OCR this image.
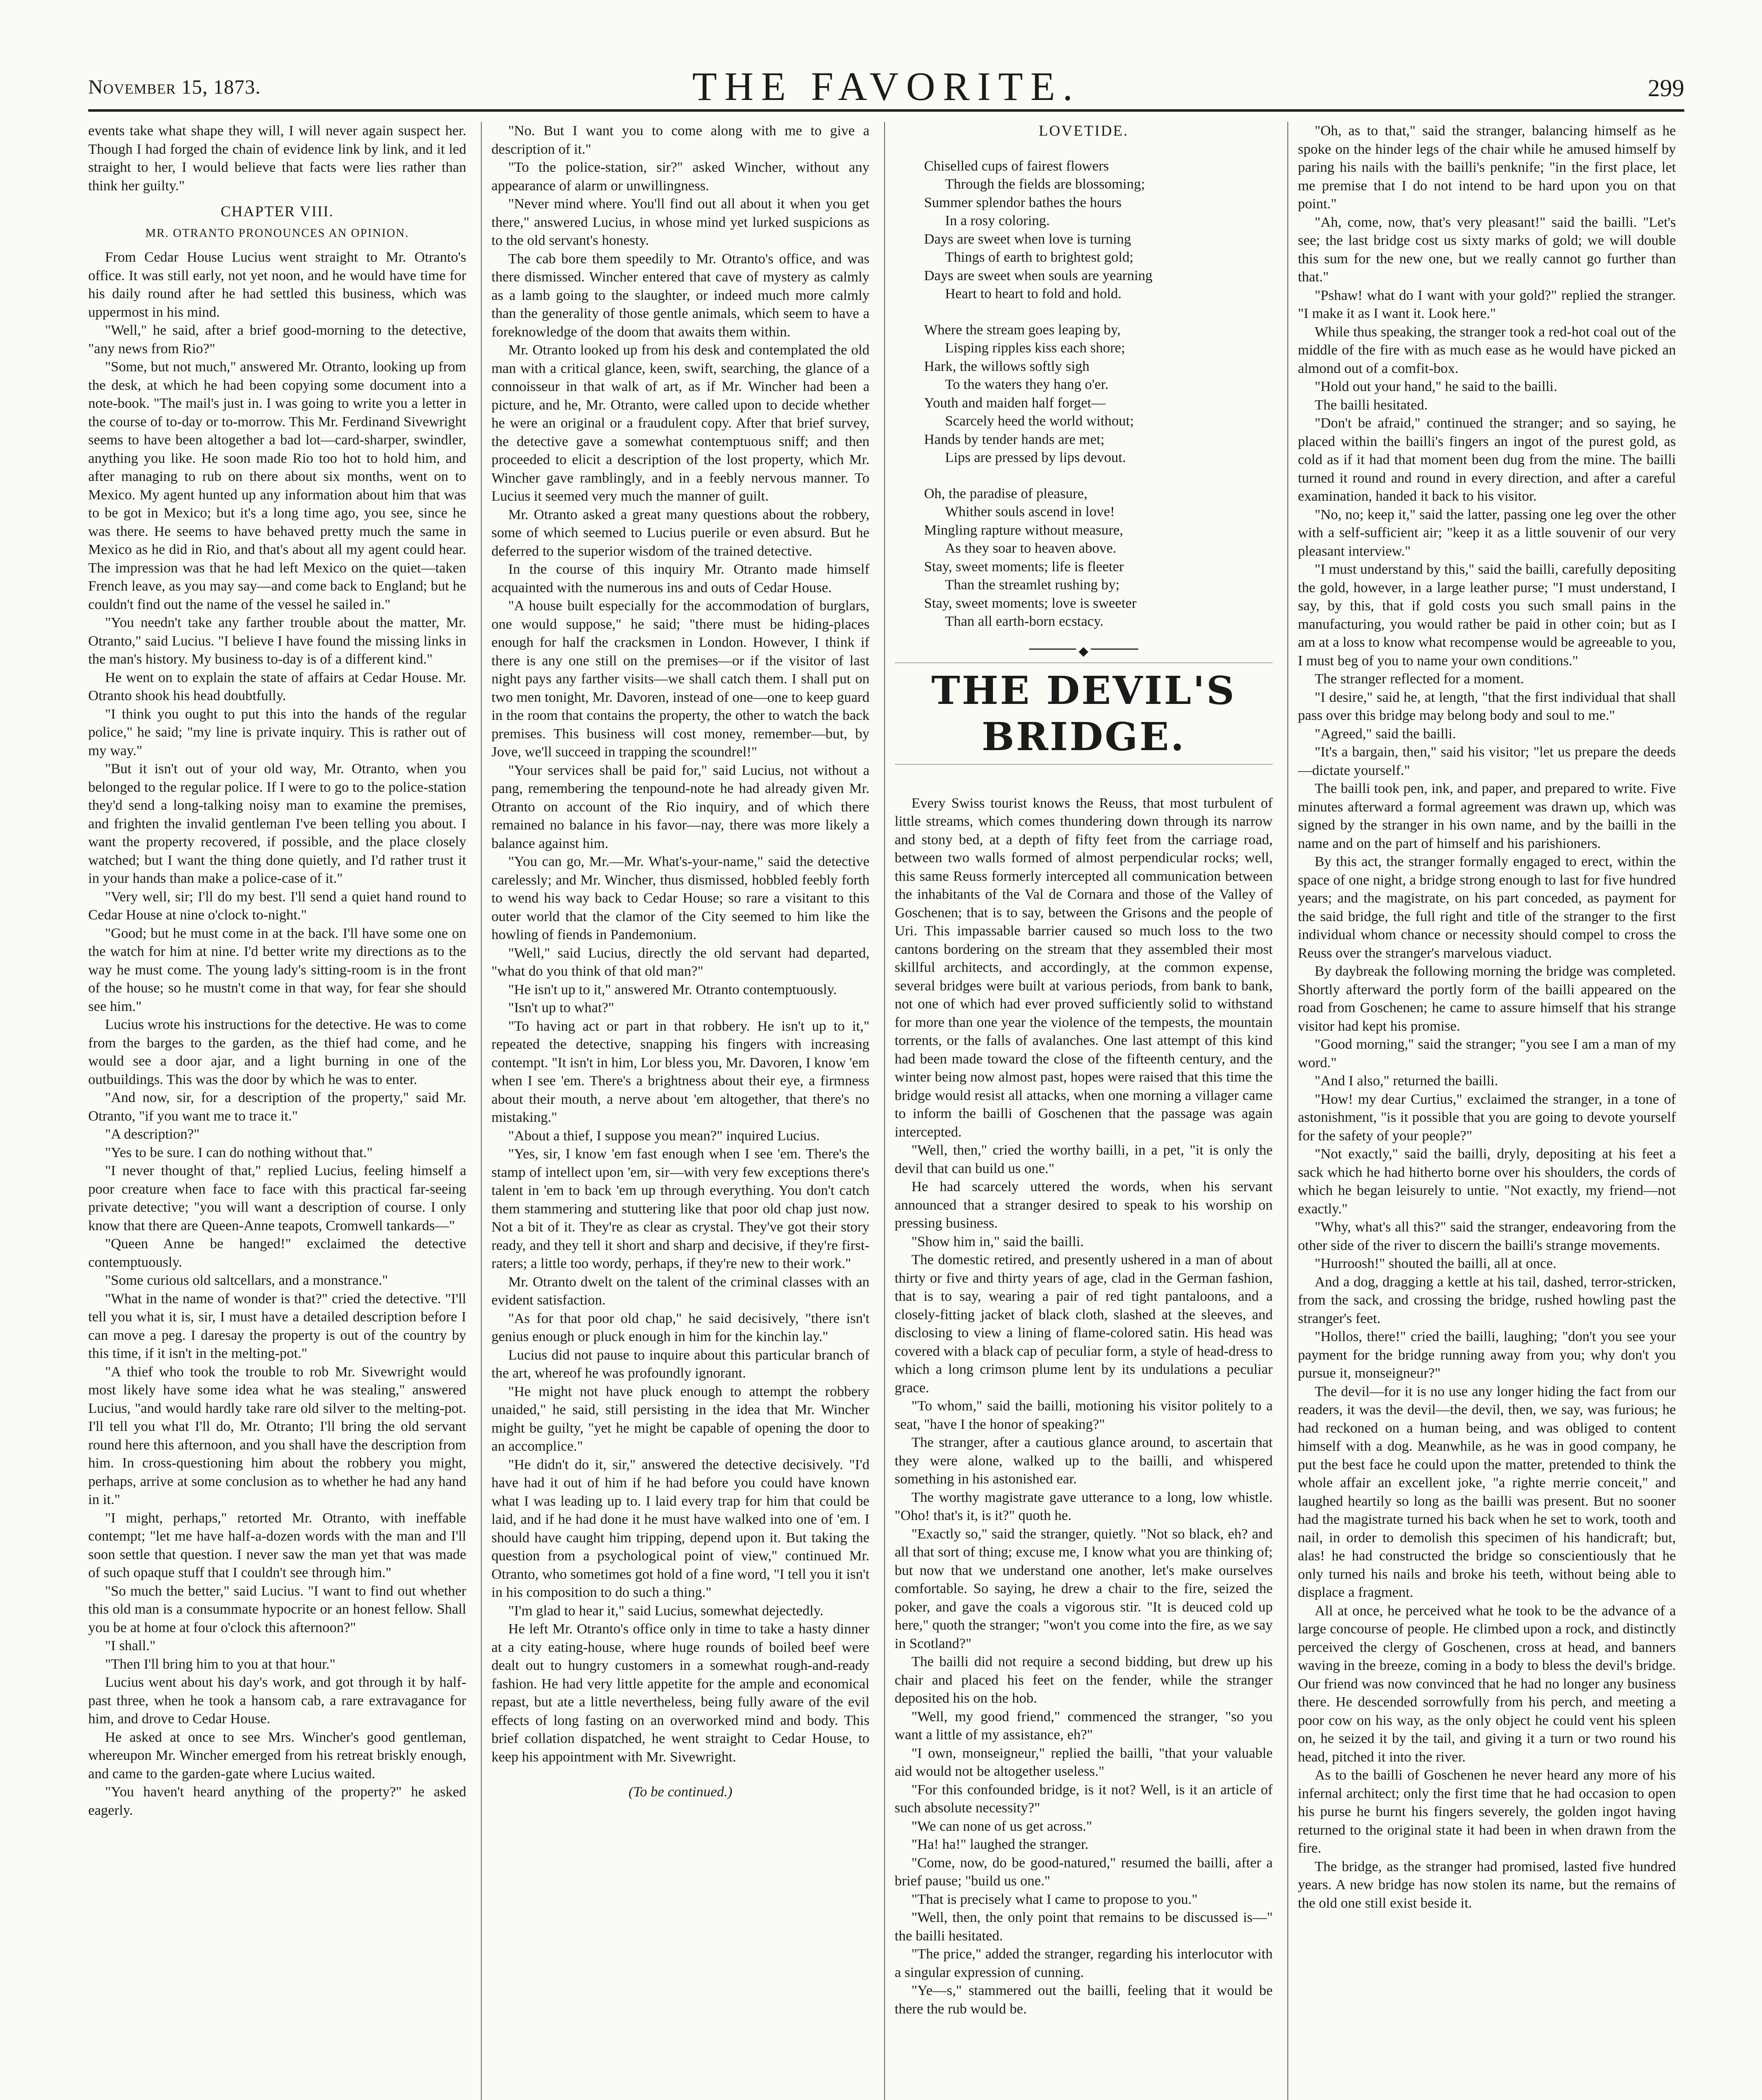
November 15, 1873.	THE FAVORITE.	299

events take what shape they will, I will never again suspect her. Though I had forged the chain of evidence link by link, and it led straight to her, I would believe that facts were lies rather than think her guilty."

CHAPTER VIII.
MR. OTRANTO PRONOUNCES AN OPINION.

From Cedar House Lucius went straight to Mr. Otranto's office. It was still early, not yet noon, and he would have time for his daily round after he had settled this business, which was uppermost in his mind.

"Well," he said, after a brief good-morning to the detective, "any news from Rio?"

"Some, but not much," answered Mr. Otranto, looking up from the desk, at which he had been copying some document into a note-book. "The mail's just in. I was going to write you a letter in the course of to-day or to-morrow. This Mr. Ferdinand Sivewright seems to have been altogether a bad lot—card-sharper, swindler, anything you like. He soon made Rio too hot to hold him, and after managing to rub on there about six months, went on to Mexico. My agent hunted up any information about him that was to be got in Mexico; but it's a long time ago, you see, since he was there. He seems to have behaved pretty much the same in Mexico as he did in Rio, and that's about all my agent could hear. The impression was that he had left Mexico on the quiet—taken French leave, as you may say—and come back to England; but he couldn't find out the name of the vessel he sailed in."

"You needn't take any farther trouble about the matter, Mr. Otranto," said Lucius. "I believe I have found the missing links in the man's history. My business to-day is of a different kind."

He went on to explain the state of affairs at Cedar House. Mr. Otranto shook his head doubtfully.

"I think you ought to put this into the hands of the regular police," he said; "my line is private inquiry. This is rather out of my way."

"But it isn't out of your old way, Mr. Otranto, when you belonged to the regular police. If I were to go to the police-station they'd send a long-talking noisy man to examine the premises, and frighten the invalid gentleman I've been telling you about. I want the property recovered, if possible, and the place closely watched; but I want the thing done quietly, and I'd rather trust it in your hands than make a police-case of it."

"Very well, sir; I'll do my best. I'll send a quiet hand round to Cedar House at nine o'clock to-night."

"Good; but he must come in at the back. I'll have some one on the watch for him at nine. I'd better write my directions as to the way he must come. The young lady's sitting-room is in the front of the house; so he mustn't come in that way, for fear she should see him."

Lucius wrote his instructions for the detective. He was to come from the barges to the garden, as the thief had come, and he would see a door ajar, and a light burning in one of the outbuildings. This was the door by which he was to enter.

"And now, sir, for a description of the property," said Mr. Otranto, "if you want me to trace it."

"A description?"

"Yes to be sure. I can do nothing without that."

"I never thought of that," replied Lucius, feeling himself a poor creature when face to face with this practical far-seeing private detective; "you will want a description of course. I only know that there are Queen-Anne teapots, Cromwell tankards—"

"Queen Anne be hanged!" exclaimed the detective contemptuously.

"Some curious old saltcellars, and a monstrance."

"What in the name of wonder is that?" cried the detective. "I'll tell you what it is, sir, I must have a detailed description before I can move a peg. I daresay the property is out of the country by this time, if it isn't in the melting-pot."

"A thief who took the trouble to rob Mr. Sivewright would most likely have some idea what he was stealing," answered Lucius, "and would hardly take rare old silver to the melting-pot. I'll tell you what I'll do, Mr. Otranto; I'll bring the old servant round here this afternoon, and you shall have the description from him. In cross-questioning him about the robbery you might, perhaps, arrive at some conclusion as to whether he had any hand in it."

"I might, perhaps," retorted Mr. Otranto, with ineffable contempt; "let me have half-a-dozen words with the man and I'll soon settle that question. I never saw the man yet that was made of such opaque stuff that I couldn't see through him."

"So much the better," said Lucius. "I want to find out whether this old man is a consummate hypocrite or an honest fellow. Shall you be at home at four o'clock this afternoon?"

"I shall."

"Then I'll bring him to you at that hour."

Lucius went about his day's work, and got through it by half-past three, when he took a hansom cab, a rare extravagance for him, and drove to Cedar House.

He asked at once to see Mrs. Wincher's good gentleman, whereupon Mr. Wincher emerged from his retreat briskly enough, and came to the garden-gate where Lucius waited.

"You haven't heard anything of the property?" he asked eagerly.

"No. But I want you to come along with me to give a description of it."

"To the police-station, sir?" asked Wincher, without any appearance of alarm or unwillingness.

"Never mind where. You'll find out all about it when you get there," answered Lucius, in whose mind yet lurked suspicions as to the old servant's honesty.

The cab bore them speedily to Mr. Otranto's office, and was there dismissed. Wincher entered that cave of mystery as calmly as a lamb going to the slaughter, or indeed much more calmly than the generality of those gentle animals, which seem to have a foreknowledge of the doom that awaits them within.

Mr. Otranto looked up from his desk and contemplated the old man with a critical glance, keen, swift, searching, the glance of a connoisseur in that walk of art, as if Mr. Wincher had been a picture, and he, Mr. Otranto, were called upon to decide whether he were an original or a fraudulent copy. After that brief survey, the detective gave a somewhat contemptuous sniff; and then proceeded to elicit a description of the lost property, which Mr. Wincher gave ramblingly, and in a feebly nervous manner. To Lucius it seemed very much the manner of guilt.

Mr. Otranto asked a great many questions about the robbery, some of which seemed to Lucius puerile or even absurd. But he deferred to the superior wisdom of the trained detective.

In the course of this inquiry Mr. Otranto made himself acquainted with the numerous ins and outs of Cedar House.

"A house built especially for the accommodation of burglars, one would suppose," he said; "there must be hiding-places enough for half the cracksmen in London. However, I think if there is any one still on the premises—or if the visitor of last night pays any farther visits—we shall catch them. I shall put on two men tonight, Mr. Davoren, instead of one—one to keep guard in the room that contains the property, the other to watch the back premises. This business will cost money, remember—but, by Jove, we'll succeed in trapping the scoundrel!"

"Your services shall be paid for," said Lucius, not without a pang, remembering the tenpound-note he had already given Mr. Otranto on account of the Rio inquiry, and of which there remained no balance in his favor—nay, there was more likely a balance against him.

"You can go, Mr.—Mr. What's-your-name," said the detective carelessly; and Mr. Wincher, thus dismissed, hobbled feebly forth to wend his way back to Cedar House; so rare a visitant to this outer world that the clamor of the City seemed to him like the howling of fiends in Pandemonium.

"Well," said Lucius, directly the old servant had departed, "what do you think of that old man?"

"He isn't up to it," answered Mr. Otranto contemptuously.

"Isn't up to what?"

"To having act or part in that robbery. He isn't up to it," repeated the detective, snapping his fingers with increasing contempt. "It isn't in him, Lor bless you, Mr. Davoren, I know 'em when I see 'em. There's a brightness about their eye, a firmness about their mouth, a nerve about 'em altogether, that there's no mistaking."

"About a thief, I suppose you mean?" inquired Lucius.

"Yes, sir, I know 'em fast enough when I see 'em. There's the stamp of intellect upon 'em, sir—with very few exceptions there's talent in 'em to back 'em up through everything. You don't catch them stammering and stuttering like that poor old chap just now. Not a bit of it. They're as clear as crystal. They've got their story ready, and they tell it short and sharp and decisive, if they're first-raters; a little too wordy, perhaps, if they're new to their work."

Mr. Otranto dwelt on the talent of the criminal classes with an evident satisfaction.

"As for that poor old chap," he said decisively, "there isn't genius enough or pluck enough in him for the kinchin lay."

Lucius did not pause to inquire about this particular branch of the art, whereof he was profoundly ignorant.

"He might not have pluck enough to attempt the robbery unaided," he said, still persisting in the idea that Mr. Wincher might be guilty, "yet he might be capable of opening the door to an accomplice."

"He didn't do it, sir," answered the detective decisively. "I'd have had it out of him if he had before you could have known what I was leading up to. I laid every trap for him that could be laid, and if he had done it he must have walked into one of 'em. I should have caught him tripping, depend upon it. But taking the question from a psychological point of view," continued Mr. Otranto, who sometimes got hold of a fine word, "I tell you it isn't in his composition to do such a thing."

"I'm glad to hear it," said Lucius, somewhat dejectedly.

He left Mr. Otranto's office only in time to take a hasty dinner at a city eating-house, where huge rounds of boiled beef were dealt out to hungry customers in a somewhat rough-and-ready fashion. He had very little appetite for the ample and economical repast, but ate a little nevertheless, being fully aware of the evil effects of long fasting on an overworked mind and body. This brief collation dispatched, he went straight to Cedar House, to keep his appointment with Mr. Sivewright.

(To be continued.)
LOVETIDE.
Chiselled cups of fairest flowers
Through the fields are blossoming;
Summer splendor bathes the hours
In a rosy coloring.
Days are sweet when love is turning
Things of earth to brightest gold;
Days are sweet when souls are yearning
Heart to heart to fold and hold.
Where the stream goes leaping by,
Lisping ripples kiss each shore;
Hark, the willows softly sigh
To the waters they hang o'er.
Youth and maiden half forget—
Scarcely heed the world without;
Hands by tender hands are met;
Lips are pressed by lips devout.
Oh, the paradise of pleasure,
Whither souls ascend in love!
Mingling rapture without measure,
As they soar to heaven above.
Stay, sweet moments; life is fleeter
Than the streamlet rushing by;
Stay, sweet moments; love is sweeter
Than all earth-born ecstacy.
◆
THE DEVIL'S BRIDGE.

Every Swiss tourist knows the Reuss, that most turbulent of little streams, which comes thundering down through its narrow and stony bed, at a depth of fifty feet from the carriage road, between two walls formed of almost perpendicular rocks; well, this same Reuss formerly intercepted all communication between the inhabitants of the Val de Cornara and those of the Valley of Goschenen; that is to say, between the Grisons and the people of Uri. This impassable barrier caused so much loss to the two cantons bordering on the stream that they assembled their most skillful architects, and accordingly, at the common expense, several bridges were built at various periods, from bank to bank, not one of which had ever proved sufficiently solid to withstand for more than one year the violence of the tempests, the mountain torrents, or the falls of avalanches. One last attempt of this kind had been made toward the close of the fifteenth century, and the winter being now almost past, hopes were raised that this time the bridge would resist all attacks, when one morning a villager came to inform the bailli of Goschenen that the passage was again intercepted.

"Well, then," cried the worthy bailli, in a pet, "it is only the devil that can build us one."

He had scarcely uttered the words, when his servant announced that a stranger desired to speak to his worship on pressing business.

"Show him in," said the bailli.

The domestic retired, and presently ushered in a man of about thirty or five and thirty years of age, clad in the German fashion, that is to say, wearing a pair of red tight pantaloons, and a closely-fitting jacket of black cloth, slashed at the sleeves, and disclosing to view a lining of flame-colored satin. His head was covered with a black cap of peculiar form, a style of head-dress to which a long crimson plume lent by its undulations a peculiar grace.

"To whom," said the bailli, motioning his visitor politely to a seat, "have I the honor of speaking?"

The stranger, after a cautious glance around, to ascertain that they were alone, walked up to the bailli, and whispered something in his astonished ear.

The worthy magistrate gave utterance to a long, low whistle. "Oho! that's it, is it?" quoth he.

"Exactly so," said the stranger, quietly. "Not so black, eh? and all that sort of thing; excuse me, I know what you are thinking of; but now that we understand one another, let's make ourselves comfortable. So saying, he drew a chair to the fire, seized the poker, and gave the coals a vigorous stir. "It is deuced cold up here," quoth the stranger; "won't you come into the fire, as we say in Scotland?"

The bailli did not require a second bidding, but drew up his chair and placed his feet on the fender, while the stranger deposited his on the hob.

"Well, my good friend," commenced the stranger, "so you want a little of my assistance, eh?"

"I own, monseigneur," replied the bailli, "that your valuable aid would not be altogether useless."

"For this confounded bridge, is it not? Well, is it an article of such absolute necessity?"

"We can none of us get across."

"Ha! ha!" laughed the stranger.

"Come, now, do be good-natured," resumed the bailli, after a brief pause; "build us one."

"That is precisely what I came to propose to you."

"Well, then, the only point that remains to be discussed is—" the bailli hesitated.

"The price," added the stranger, regarding his interlocutor with a singular expression of cunning.

"Ye—s," stammered out the bailli, feeling that it would be there the rub would be.

"Oh, as to that," said the stranger, balancing himself as he spoke on the hinder legs of the chair while he amused himself by paring his nails with the bailli's penknife; "in the first place, let me premise that I do not intend to be hard upon you on that point."

"Ah, come, now, that's very pleasant!" said the bailli. "Let's see; the last bridge cost us sixty marks of gold; we will double this sum for the new one, but we really cannot go further than that."

"Pshaw! what do I want with your gold?" replied the stranger. "I make it as I want it. Look here."

While thus speaking, the stranger took a red-hot coal out of the middle of the fire with as much ease as he would have picked an almond out of a comfit-box.

"Hold out your hand," he said to the bailli.

The bailli hesitated.

"Don't be afraid," continued the stranger; and so saying, he placed within the bailli's fingers an ingot of the purest gold, as cold as if it had that moment been dug from the mine. The bailli turned it round and round in every direction, and after a careful examination, handed it back to his visitor.

"No, no; keep it," said the latter, passing one leg over the other with a self-sufficient air; "keep it as a little souvenir of our very pleasant interview."

"I must understand by this," said the bailli, carefully depositing the gold, however, in a large leather purse; "I must understand, I say, by this, that if gold costs you such small pains in the manufacturing, you would rather be paid in other coin; but as I am at a loss to know what recompense would be agreeable to you, I must beg of you to name your own conditions."

The stranger reflected for a moment.

"I desire," said he, at length, "that the first individual that shall pass over this bridge may belong body and soul to me."

"Agreed," said the bailli.

"It's a bargain, then," said his visitor; "let us prepare the deeds—dictate yourself."

The bailli took pen, ink, and paper, and prepared to write. Five minutes afterward a formal agreement was drawn up, which was signed by the stranger in his own name, and by the bailli in the name and on the part of himself and his parishioners.

By this act, the stranger formally engaged to erect, within the space of one night, a bridge strong enough to last for five hundred years; and the magistrate, on his part conceded, as payment for the said bridge, the full right and title of the stranger to the first individual whom chance or necessity should compel to cross the Reuss over the stranger's marvelous viaduct.

By daybreak the following morning the bridge was completed. Shortly afterward the portly form of the bailli appeared on the road from Goschenen; he came to assure himself that his strange visitor had kept his promise.

"Good morning," said the stranger; "you see I am a man of my word."

"And I also," returned the bailli.

"How! my dear Curtius," exclaimed the stranger, in a tone of astonishment, "is it possible that you are going to devote yourself for the safety of your people?"

"Not exactly," said the bailli, dryly, depositing at his feet a sack which he had hitherto borne over his shoulders, the cords of which he began leisurely to untie. "Not exactly, my friend—not exactly."

"Why, what's all this?" said the stranger, endeavoring from the other side of the river to discern the bailli's strange movements.

"Hurroosh!" shouted the bailli, all at once.

And a dog, dragging a kettle at his tail, dashed, terror-stricken, from the sack, and crossing the bridge, rushed howling past the stranger's feet.

"Hollos, there!" cried the bailli, laughing; "don't you see your payment for the bridge running away from you; why don't you pursue it, monseigneur?"

The devil—for it is no use any longer hiding the fact from our readers, it was the devil—the devil, then, we say, was furious; he had reckoned on a human being, and was obliged to content himself with a dog. Meanwhile, as he was in good company, he put the best face he could upon the matter, pretended to think the whole affair an excellent joke, "a righte merrie conceit," and laughed heartily so long as the bailli was present. But no sooner had the magistrate turned his back when he set to work, tooth and nail, in order to demolish this specimen of his handicraft; but, alas! he had constructed the bridge so conscientiously that he only turned his nails and broke his teeth, without being able to displace a fragment.

All at once, he perceived what he took to be the advance of a large concourse of people. He climbed upon a rock, and distinctly perceived the clergy of Goschenen, cross at head, and banners waving in the breeze, coming in a body to bless the devil's bridge. Our friend was now convinced that he had no longer any business there. He descended sorrowfully from his perch, and meeting a poor cow on his way, as the only object he could vent his spleen on, he seized it by the tail, and giving it a turn or two round his head, pitched it into the river.

As to the bailli of Goschenen he never heard any more of his infernal architect; only the first time that he had occasion to open his purse he burnt his fingers severely, the golden ingot having returned to the original state it had been in when drawn from the fire.

The bridge, as the stranger had promised, lasted five hundred years. A new bridge has now stolen its name, but the remains of the old one still exist beside it.
